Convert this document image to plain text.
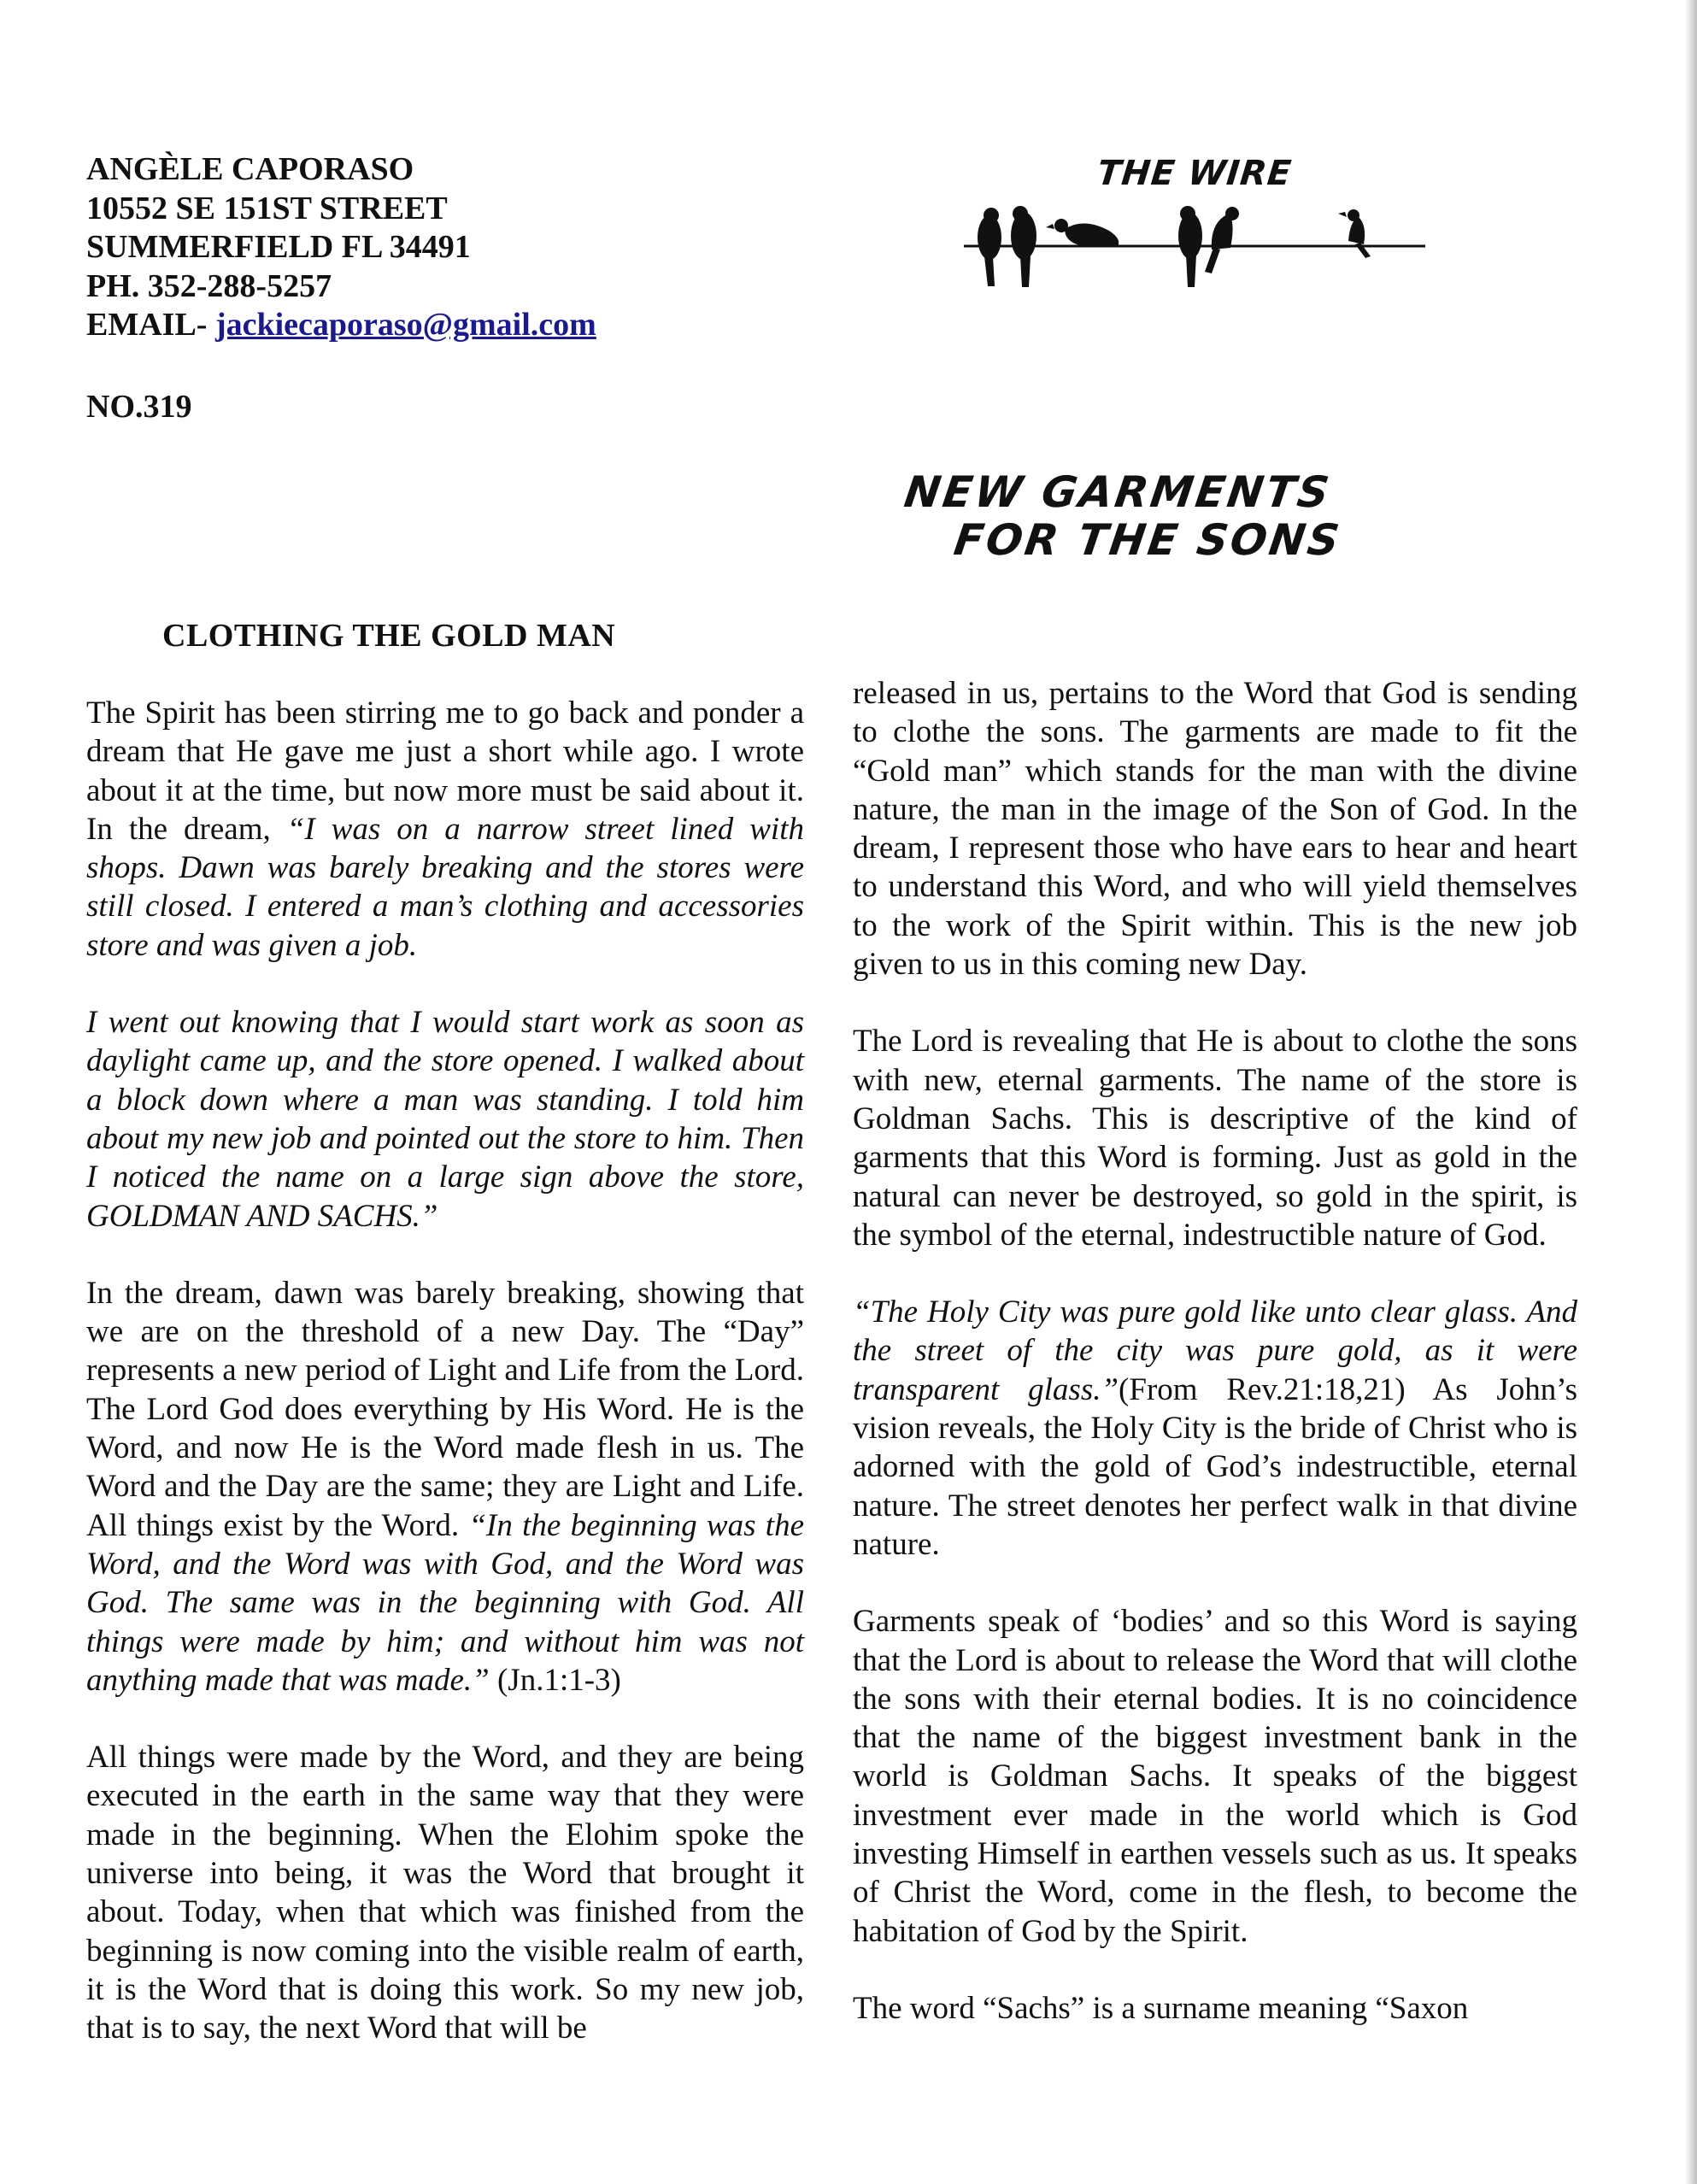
ANGÈLE CAPORASO
10552 SE 151ST STREET
SUMMERFIELD FL 34491
PH. 352-288-5257
EMAIL- jackiecaporaso@gmail.com
NO.319
THE WIRE
NEW GARMENTS
FOR THE SONS
CLOTHING THE GOLD MAN

The Spirit has been stirring me to go back and ponder a dream that He gave me just a short while ago. I wrote about it at the time, but now more must be said about it. In the dream, “I was on a narrow street lined with shops. Dawn was barely breaking and the stores were still closed. I entered a man’s clothing and accessories store and was given a job.

I went out knowing that I would start work as soon as daylight came up, and the store opened. I walked about a block down where a man was standing. I told him about my new job and pointed out the store to him. Then I noticed the name on a large sign above the store, GOLDMAN AND SACHS.”

In the dream, dawn was barely breaking, showing that we are on the threshold of a new Day. The “Day” represents a new period of Light and Life from the Lord. The Lord God does everything by His Word. He is the Word, and now He is the Word made flesh in us. The Word and the Day are the same; they are Light and Life. All things exist by the Word. “In the beginning was the Word, and the Word was with God, and the Word was God. The same was in the beginning with God. All things were made by him; and without him was not anything made that was made.” (Jn.1:1-3)

All things were made by the Word, and they are being executed in the earth in the same way that they were made in the beginning. When the Elohim spoke the universe into being, it was the Word that brought it about. Today, when that which was finished from the beginning is now coming into the visible realm of earth, it is the Word that is doing this work. So my new job, that is to say, the next Word that will be

released in us, pertains to the Word that God is sending to clothe the sons. The garments are made to fit the “Gold man” which stands for the man with the divine nature, the man in the image of the Son of God. In the dream, I represent those who have ears to hear and heart to understand this Word, and who will yield themselves to the work of the Spirit within. This is the new job given to us in this coming new Day.

The Lord is revealing that He is about to clothe the sons with new, eternal garments. The name of the store is Goldman Sachs. This is descriptive of the kind of garments that this Word is forming. Just as gold in the natural can never be destroyed, so gold in the spirit, is the symbol of the eternal, indestructible nature of God.

“The Holy City was pure gold like unto clear glass. And the street of the city was pure gold, as it were transparent glass.”(From Rev.21:18,21) As John’s vision reveals, the Holy City is the bride of Christ who is adorned with the gold of God’s indestructible, eternal nature. The street denotes her perfect walk in that divine nature.

Garments speak of ‘bodies’ and so this Word is saying that the Lord is about to release the Word that will clothe the sons with their eternal bodies. It is no coincidence that the name of the biggest investment bank in the world is Goldman Sachs. It speaks of the biggest investment ever made in the world which is God investing Himself in earthen vessels such as us. It speaks of Christ the Word, come in the flesh, to become the habitation of God by the Spirit.

The word “Sachs” is a surname meaning “Saxon
